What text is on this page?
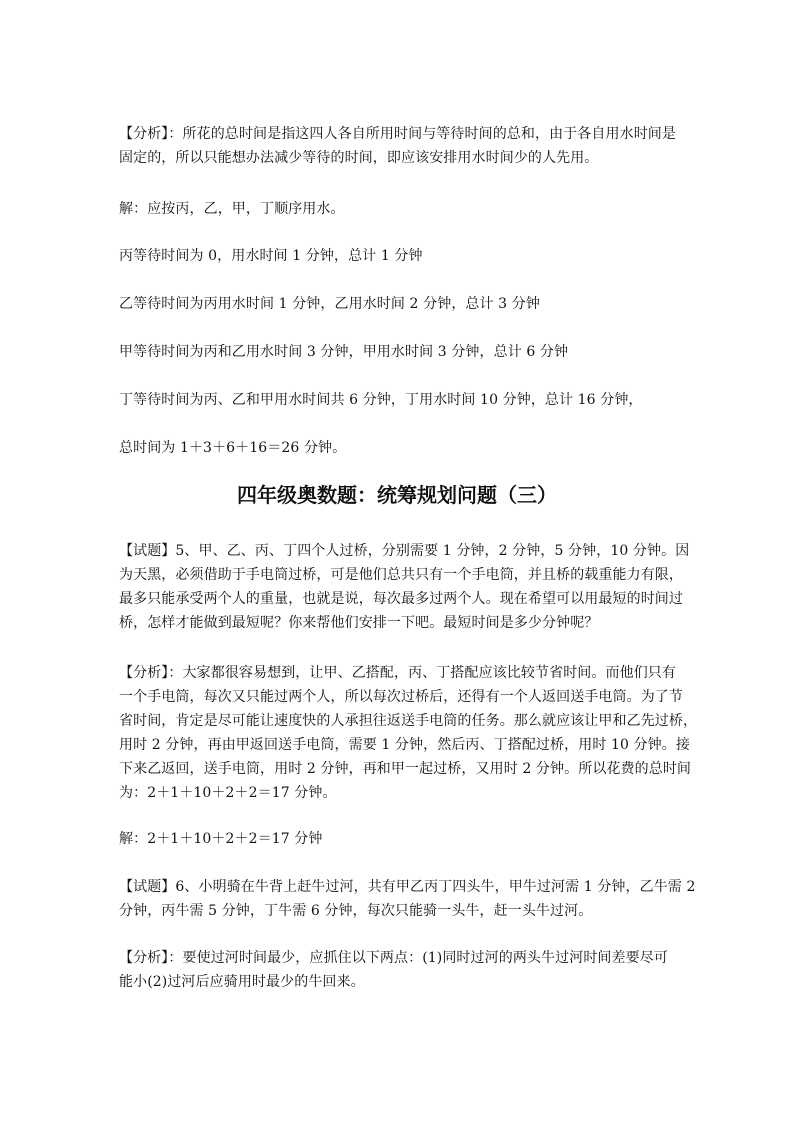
【分析】：所花的总时间是指这四人各自所用时间与等待时间的总和，由于各自用水时间是
固定的，所以只能想办法减少等待的时间，即应该安排用水时间少的人先用。
解：应按丙，乙，甲，丁顺序用水。
丙等待时间为 0，用水时间 1 分钟，总计 1 分钟
乙等待时间为丙用水时间 1 分钟，乙用水时间 2 分钟，总计 3 分钟
甲等待时间为丙和乙用水时间 3 分钟，甲用水时间 3 分钟，总计 6 分钟
丁等待时间为丙、乙和甲用水时间共 6 分钟，丁用水时间 10 分钟，总计 16 分钟，
总时间为 1＋3＋6＋16＝26 分钟。
四年级奥数题：统筹规划问题（三）
【试题】5、甲、乙、丙、丁四个人过桥，分别需要 1 分钟，2 分钟，5 分钟，10 分钟。因
为天黑，必须借助于手电筒过桥，可是他们总共只有一个手电筒，并且桥的载重能力有限，
最多只能承受两个人的重量，也就是说，每次最多过两个人。现在希望可以用最短的时间过
桥，怎样才能做到最短呢？你来帮他们安排一下吧。最短时间是多少分钟呢？
【分析】：大家都很容易想到，让甲、乙搭配，丙、丁搭配应该比较节省时间。而他们只有
一个手电筒，每次又只能过两个人，所以每次过桥后，还得有一个人返回送手电筒。为了节
省时间，肯定是尽可能让速度快的人承担往返送手电筒的任务。那么就应该让甲和乙先过桥，
用时 2 分钟，再由甲返回送手电筒，需要 1 分钟，然后丙、丁搭配过桥，用时 10 分钟。接
下来乙返回，送手电筒，用时 2 分钟，再和甲一起过桥，又用时 2 分钟。所以花费的总时间
为：2＋1＋10＋2＋2＝17 分钟。
解：2＋1＋10＋2＋2＝17 分钟
【试题】6、小明骑在牛背上赶牛过河，共有甲乙丙丁四头牛，甲牛过河需 1 分钟，乙牛需 2
分钟，丙牛需 5 分钟，丁牛需 6 分钟，每次只能骑一头牛，赶一头牛过河。
【分析】：要使过河时间最少，应抓住以下两点：(1)同时过河的两头牛过河时间差要尽可
能小(2)过河后应骑用时最少的牛回来。
